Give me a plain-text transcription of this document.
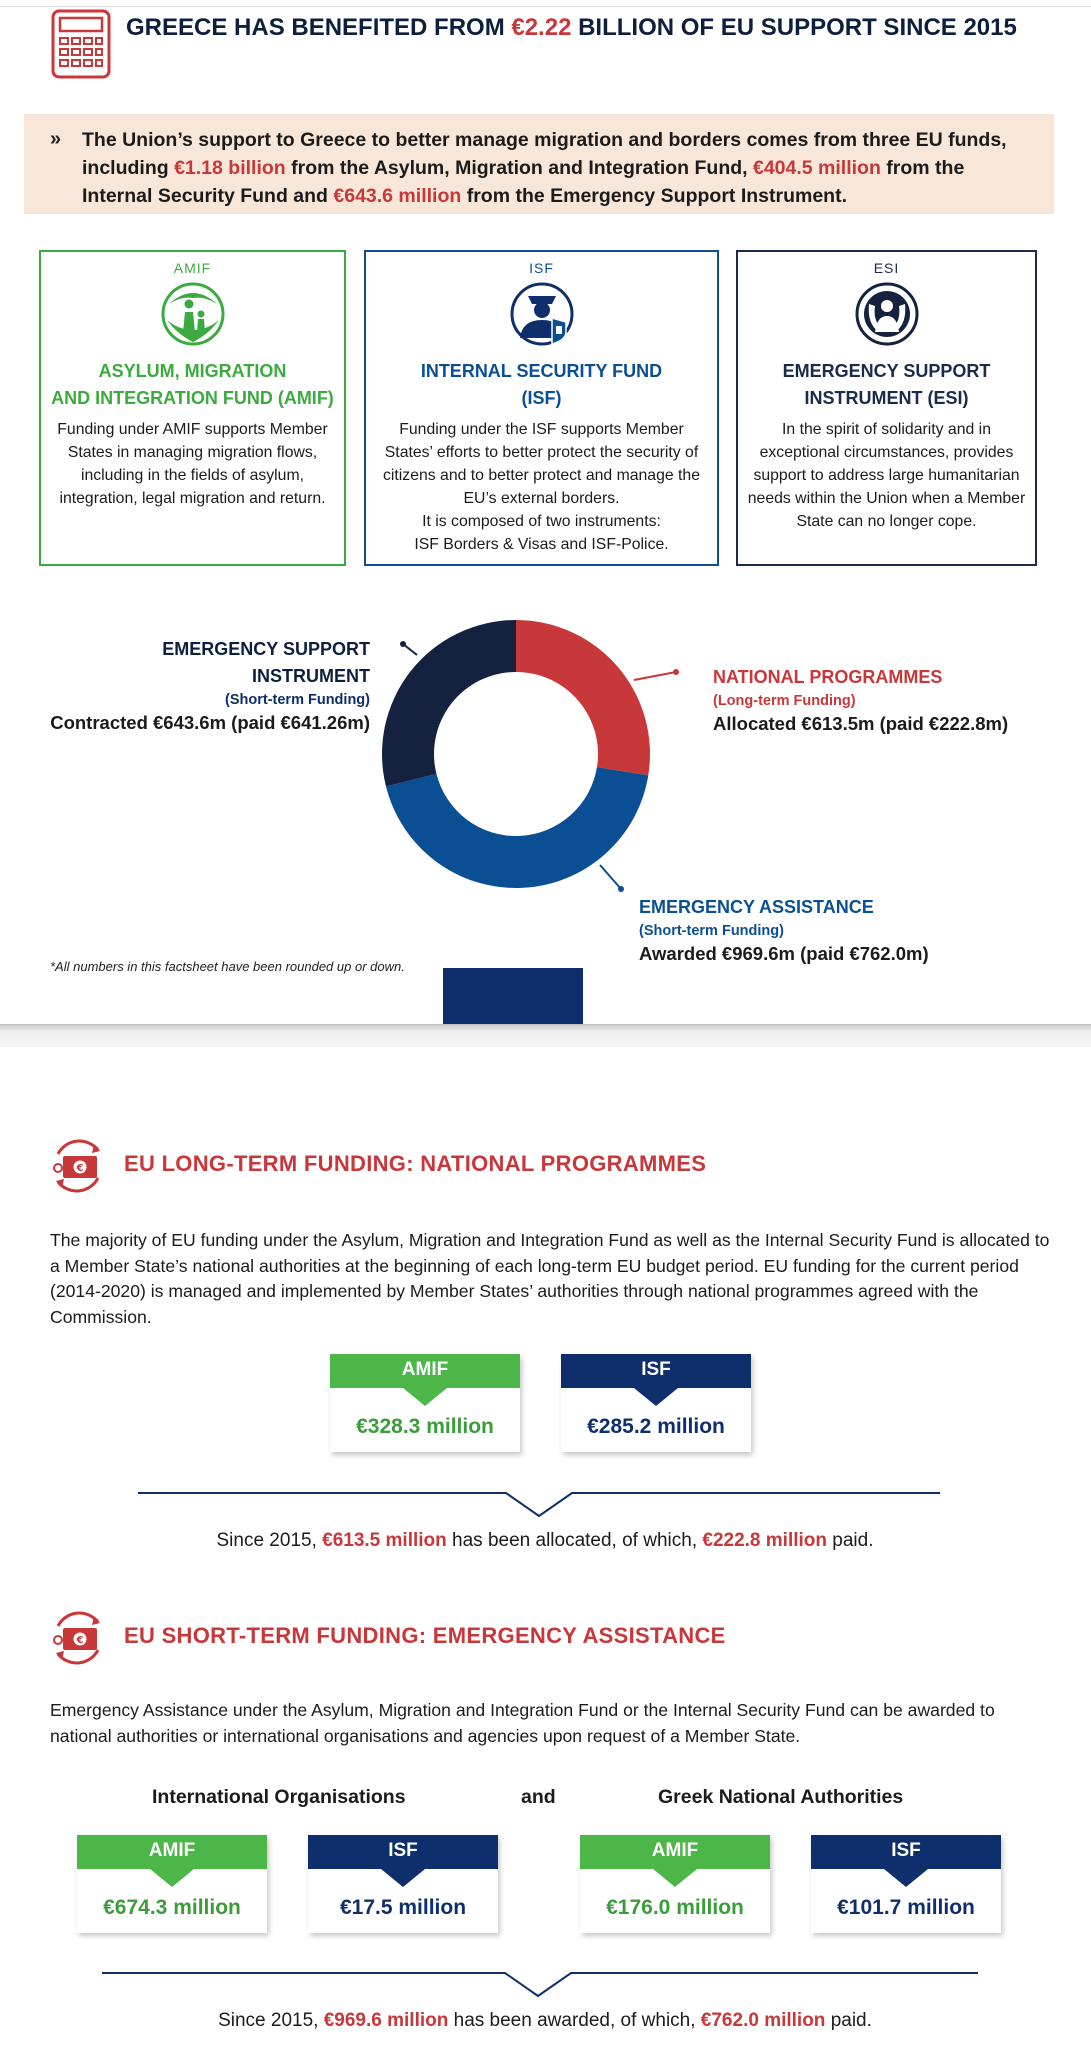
GREECE HAS BENEFITED FROM €2.22 BILLION OF EU SUPPORT SINCE 2015
» The Union’s support to Greece to better manage migration and borders comes from three EU funds, including €1.18 billion from the Asylum, Migration and Integration Fund, €404.5 million from the Internal Security Fund and €643.6 million from the Emergency Support Instrument.
AMIF
ASYLUM, MIGRATION
AND INTEGRATION FUND (AMIF)
Funding under AMIF supports Member States in managing migration flows, including in the fields of asylum, integration, legal migration and return.
ISF
INTERNAL SECURITY FUND
(ISF)
Funding under the ISF supports Member States’ efforts to better protect the security of citizens and to better protect and manage the EU’s external borders.
It is composed of two instruments:
ISF Borders & Visas and ISF-Police.
ESI
EMERGENCY SUPPORT
INSTRUMENT (ESI)
In the spirit of solidarity and in exceptional circumstances, provides support to address large humanitarian needs within the Union when a Member State can no longer cope.
EMERGENCY SUPPORT
INSTRUMENT
(Short-term Funding)
Contracted €643.6m (paid €641.26m)
NATIONAL PROGRAMMES
(Long-term Funding)
Allocated €613.5m (paid €222.8m)
EMERGENCY ASSISTANCE
(Short-term Funding)
Awarded €969.6m (paid €762.0m)
*All numbers in this factsheet have been rounded up or down.
€ EU LONG-TERM FUNDING: NATIONAL PROGRAMMES
The majority of EU funding under the Asylum, Migration and Integration Fund as well as the Internal Security Fund is allocated to a Member State’s national authorities at the beginning of each long-term EU budget period. EU funding for the current period (2014-2020) is managed and implemented by Member States’ authorities through national programmes agreed with the Commission.
AMIF
€328.3 million
ISF
€285.2 million
Since 2015, €613.5 million has been allocated, of which, €222.8 million paid.
€ EU SHORT-TERM FUNDING: EMERGENCY ASSISTANCE
Emergency Assistance under the Asylum, Migration and Integration Fund or the Internal Security Fund can be awarded to national authorities or international organisations and agencies upon request of a Member State.
International Organisations	and	Greek National Authorities
AMIF
€674.3 million
ISF
€17.5 million
AMIF
€176.0 million
ISF
€101.7 million
Since 2015, €969.6 million has been awarded, of which, €762.0 million paid.
